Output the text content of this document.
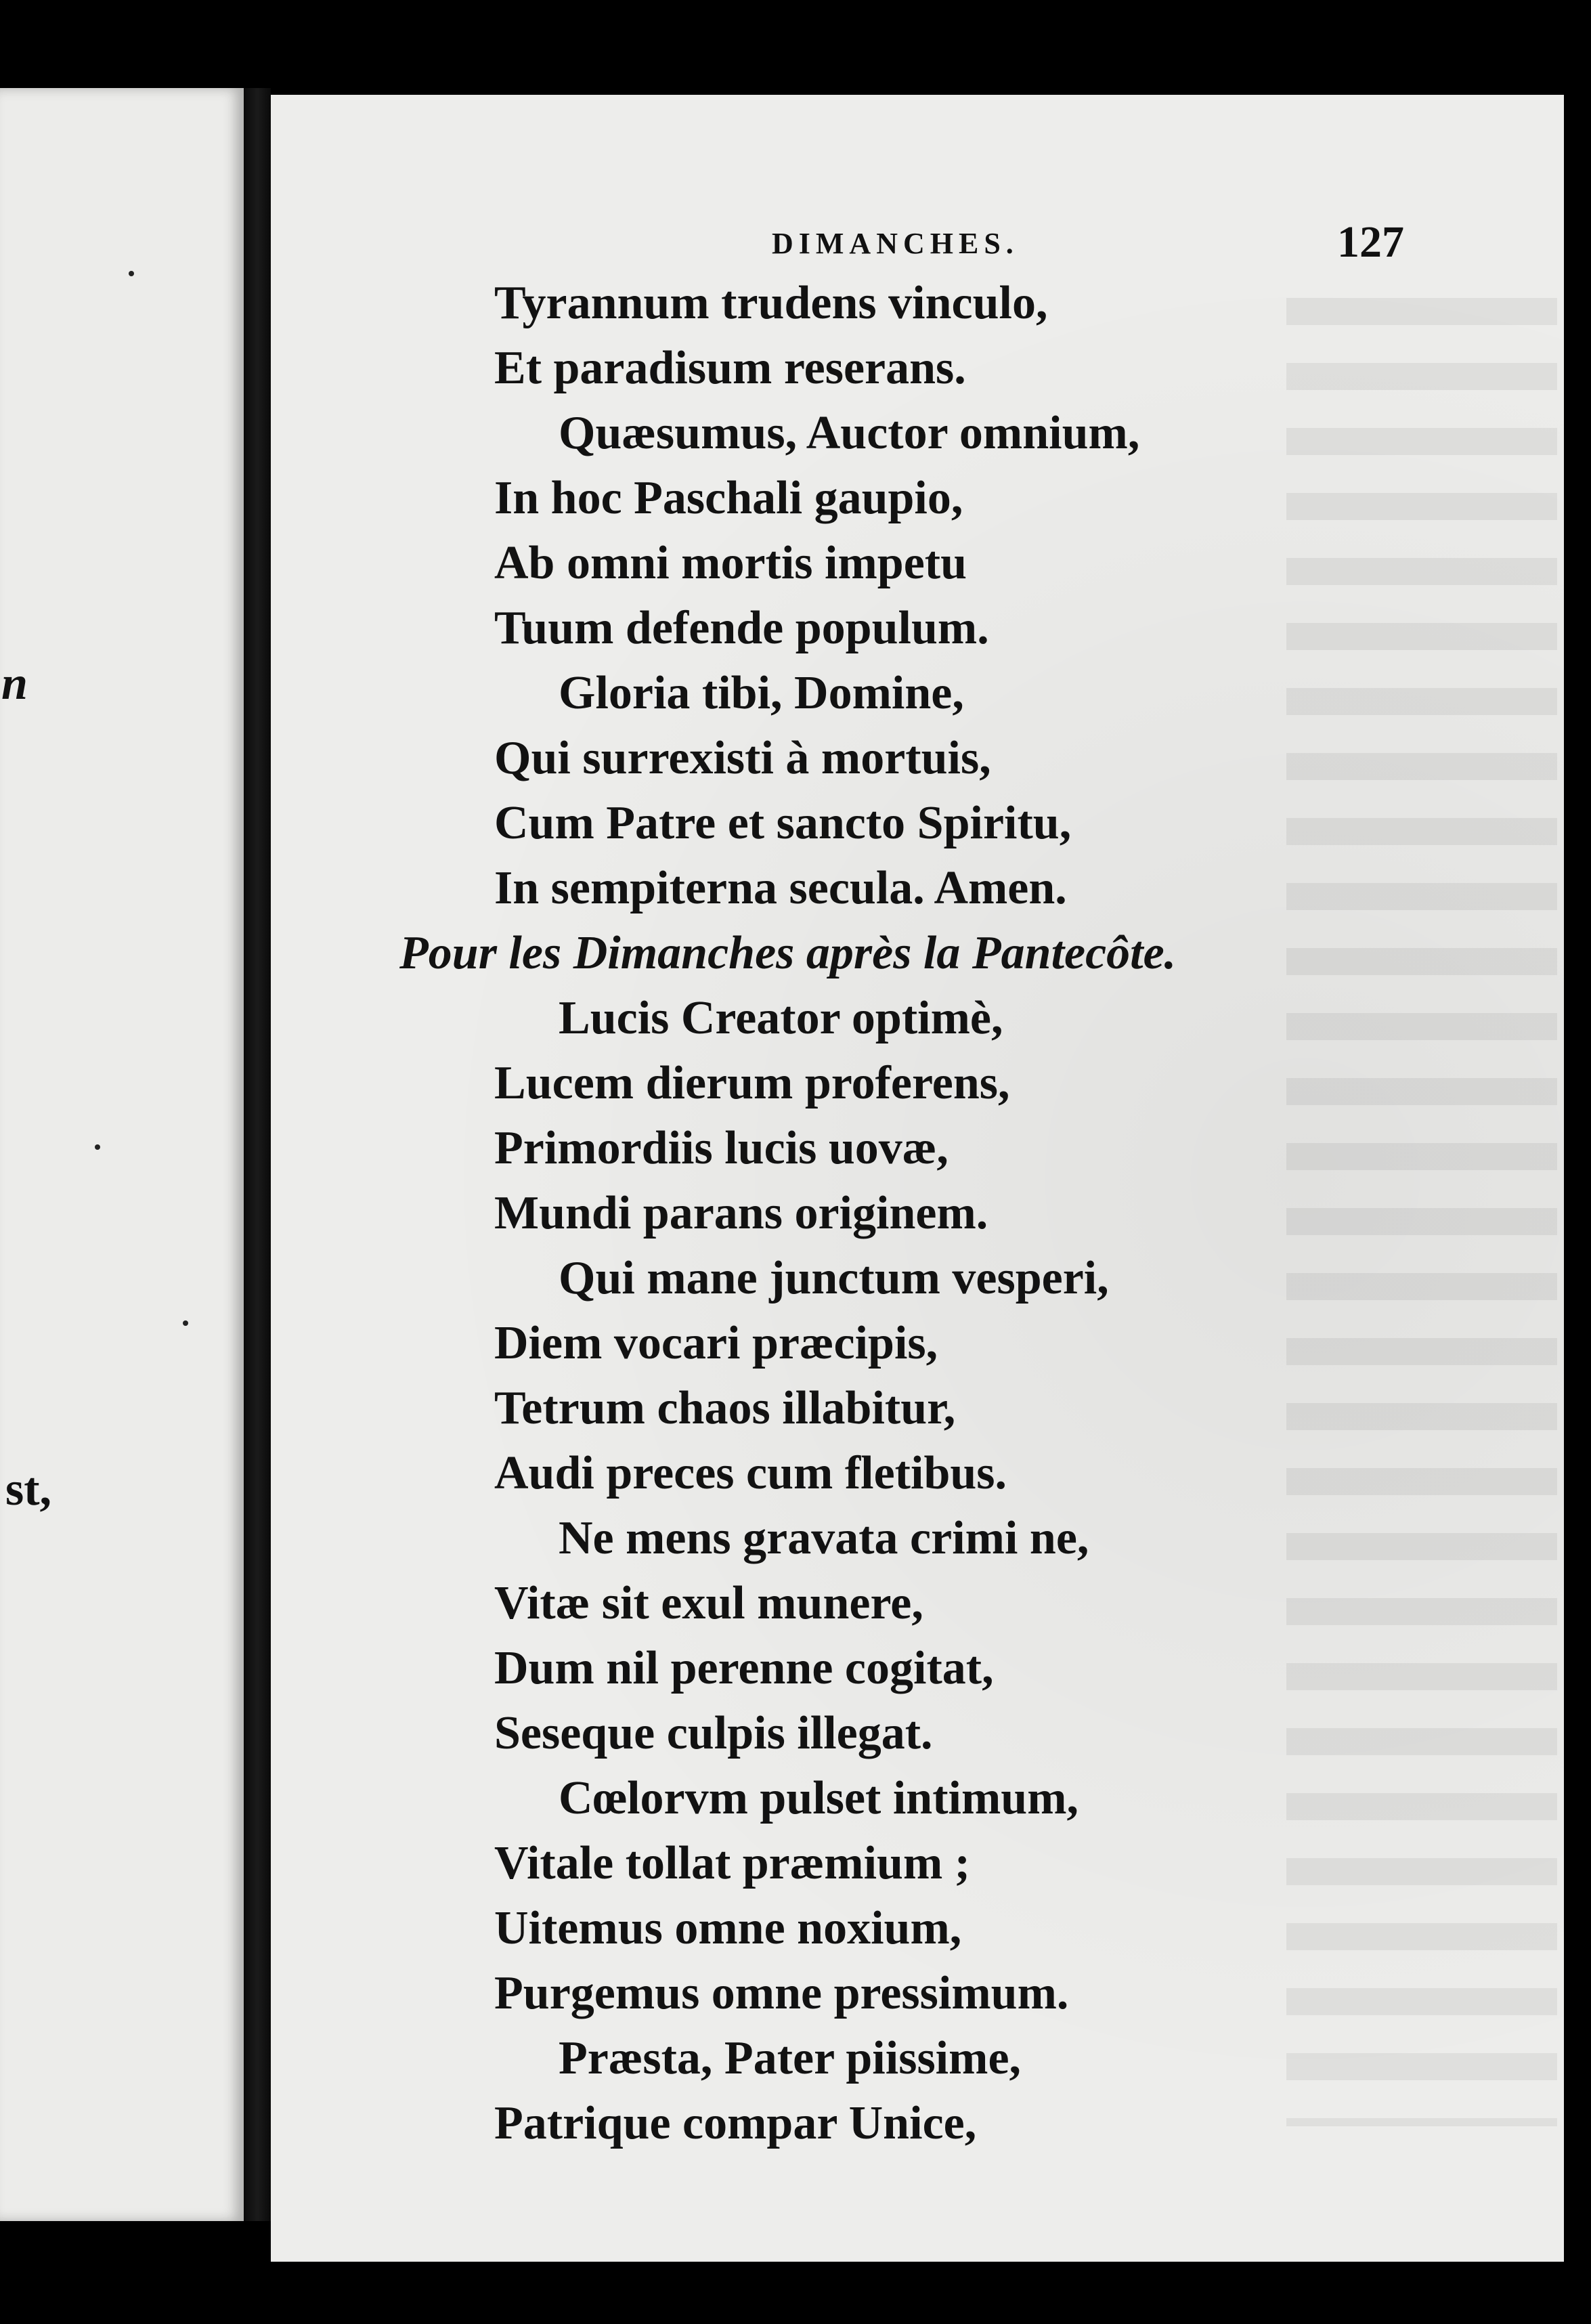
n
st,
DIMANCHES.	127
Tyrannum trudens vinculo,
Et paradisum reserans.
Quæsumus, Auctor omnium,
In hoc Paschali gaupio,
Ab omni mortis impetu
Tuum defende populum.
Gloria tibi, Domine,
Qui surrexisti à mortuis,
Cum Patre et sancto Spiritu,
In sempiterna secula. Amen.
Pour les Dimanches après la Pantecôte.
Lucis Creator optimè,
Lucem dierum proferens,
Primordiis lucis uovæ,
Mundi parans originem.
Qui mane junctum vesperi,
Diem vocari præcipis,
Tetrum chaos illabitur,
Audi preces cum fletibus.
Ne mens gravata crimi ne,
Vitæ sit exul munere,
Dum nil perenne cogitat,
Seseque culpis illegat.
Cœlorvm pulset intimum,
Vitale tollat præmium ;
Uitemus omne noxium,
Purgemus omne pressimum.
Præsta, Pater piissime,
Patrique compar Unice,
